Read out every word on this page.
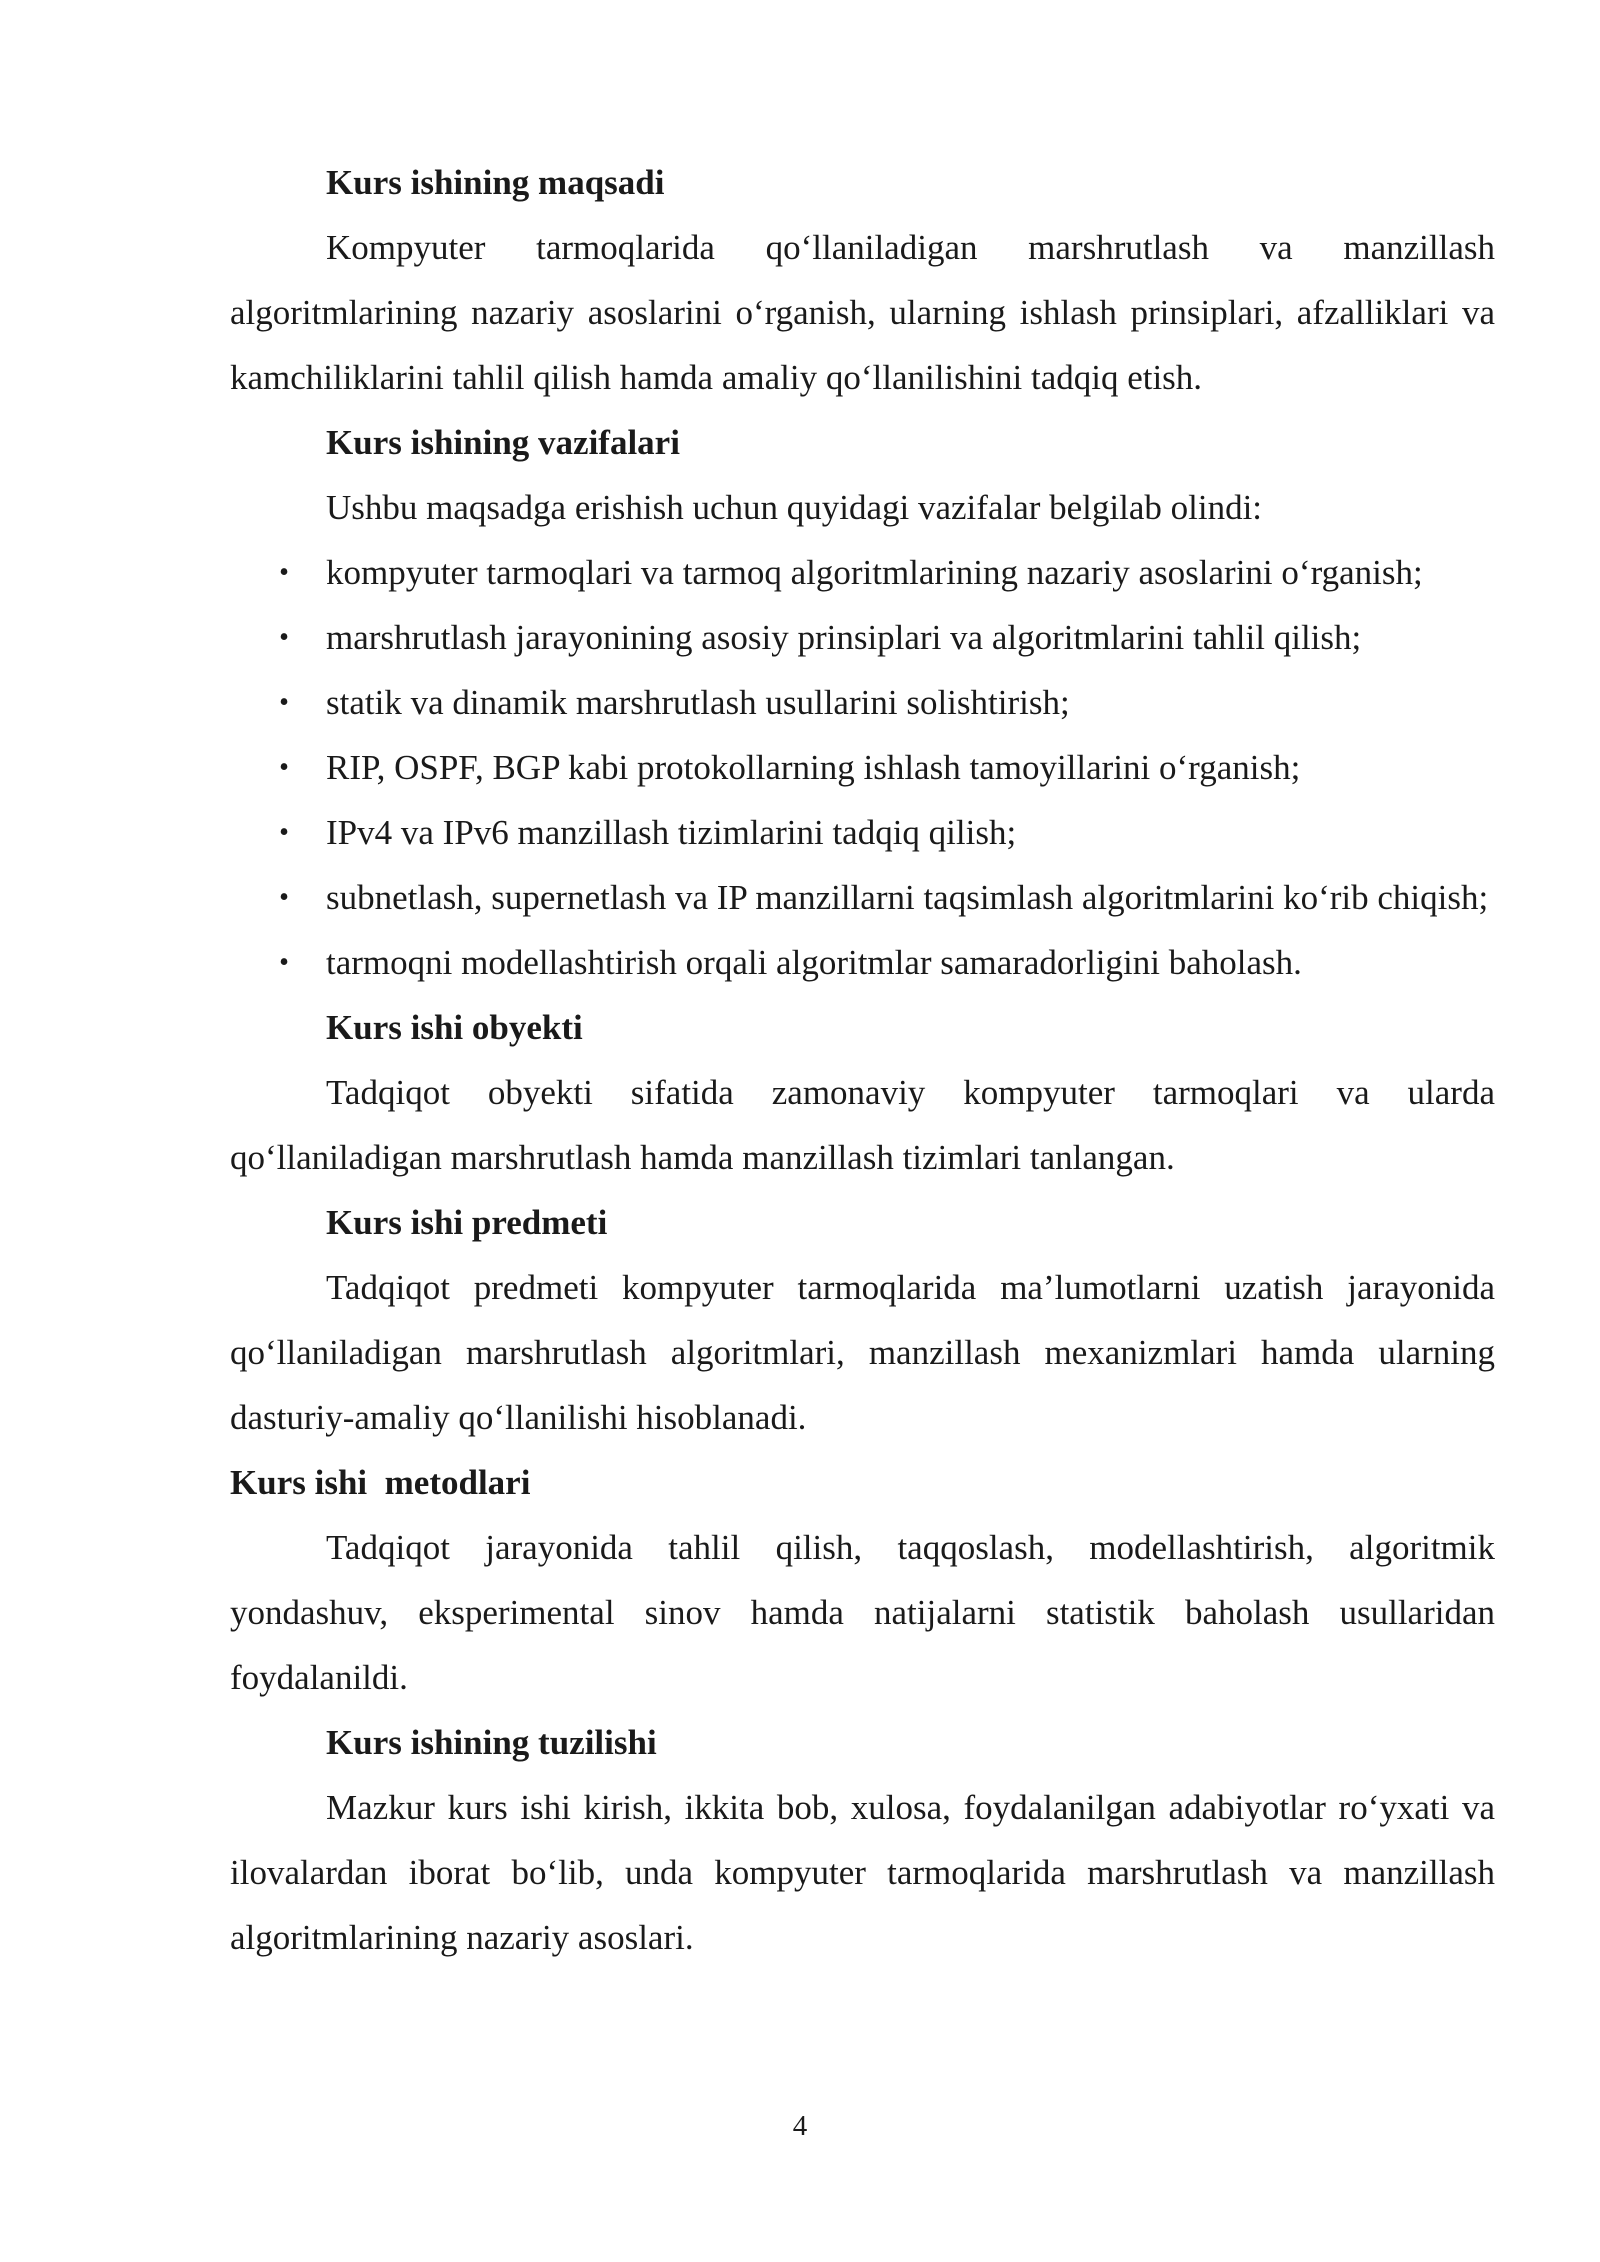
Kurs ishining maqsadi

Kompyuter tarmoqlarida qo‘llaniladigan marshrutlash va manzillash algoritmlarining nazariy asoslarini o‘rganish, ularning ishlash prinsiplari, afzalliklari va kamchiliklarini tahlil qilish hamda amaliy qo‘llanilishini tadqiq etish.

Kurs ishining vazifalari

Ushbu maqsadga erishish uchun quyidagi vazifalar belgilab olindi:

• kompyuter tarmoqlari va tarmoq algoritmlarining nazariy asoslarini o‘rganish;
• marshrutlash jarayonining asosiy prinsiplari va algoritmlarini tahlil qilish;
• statik va dinamik marshrutlash usullarini solishtirish;
• RIP, OSPF, BGP kabi protokollarning ishlash tamoyillarini o‘rganish;
• IPv4 va IPv6 manzillash tizimlarini tadqiq qilish;
• subnetlash, supernetlash va IP manzillarni taqsimlash algoritmlarini ko‘rib chiqish;
• tarmoqni modellashtirish orqali algoritmlar samaradorligini baholash.

Kurs ishi obyekti

Tadqiqot obyekti sifatida zamonaviy kompyuter tarmoqlari va ularda qo‘llaniladigan marshrutlash hamda manzillash tizimlari tanlangan.

Kurs ishi predmeti

Tadqiqot predmeti kompyuter tarmoqlarida ma’lumotlarni uzatish jarayonida qo‘llaniladigan marshrutlash algoritmlari, manzillash mexanizmlari hamda ularning dasturiy-amaliy qo‘llanilishi hisoblanadi.

Kurs ishi  metodlari

Tadqiqot jarayonida tahlil qilish, taqqoslash, modellashtirish, algoritmik yondashuv, eksperimental sinov hamda natijalarni statistik baholash usullaridan foydalanildi.

Kurs ishining tuzilishi

Mazkur kurs ishi kirish, ikkita bob, xulosa, foydalanilgan adabiyotlar ro‘yxati va ilovalardan iborat bo‘lib, unda kompyuter tarmoqlarida marshrutlash va manzillash algoritmlarining nazariy asoslari.

4
